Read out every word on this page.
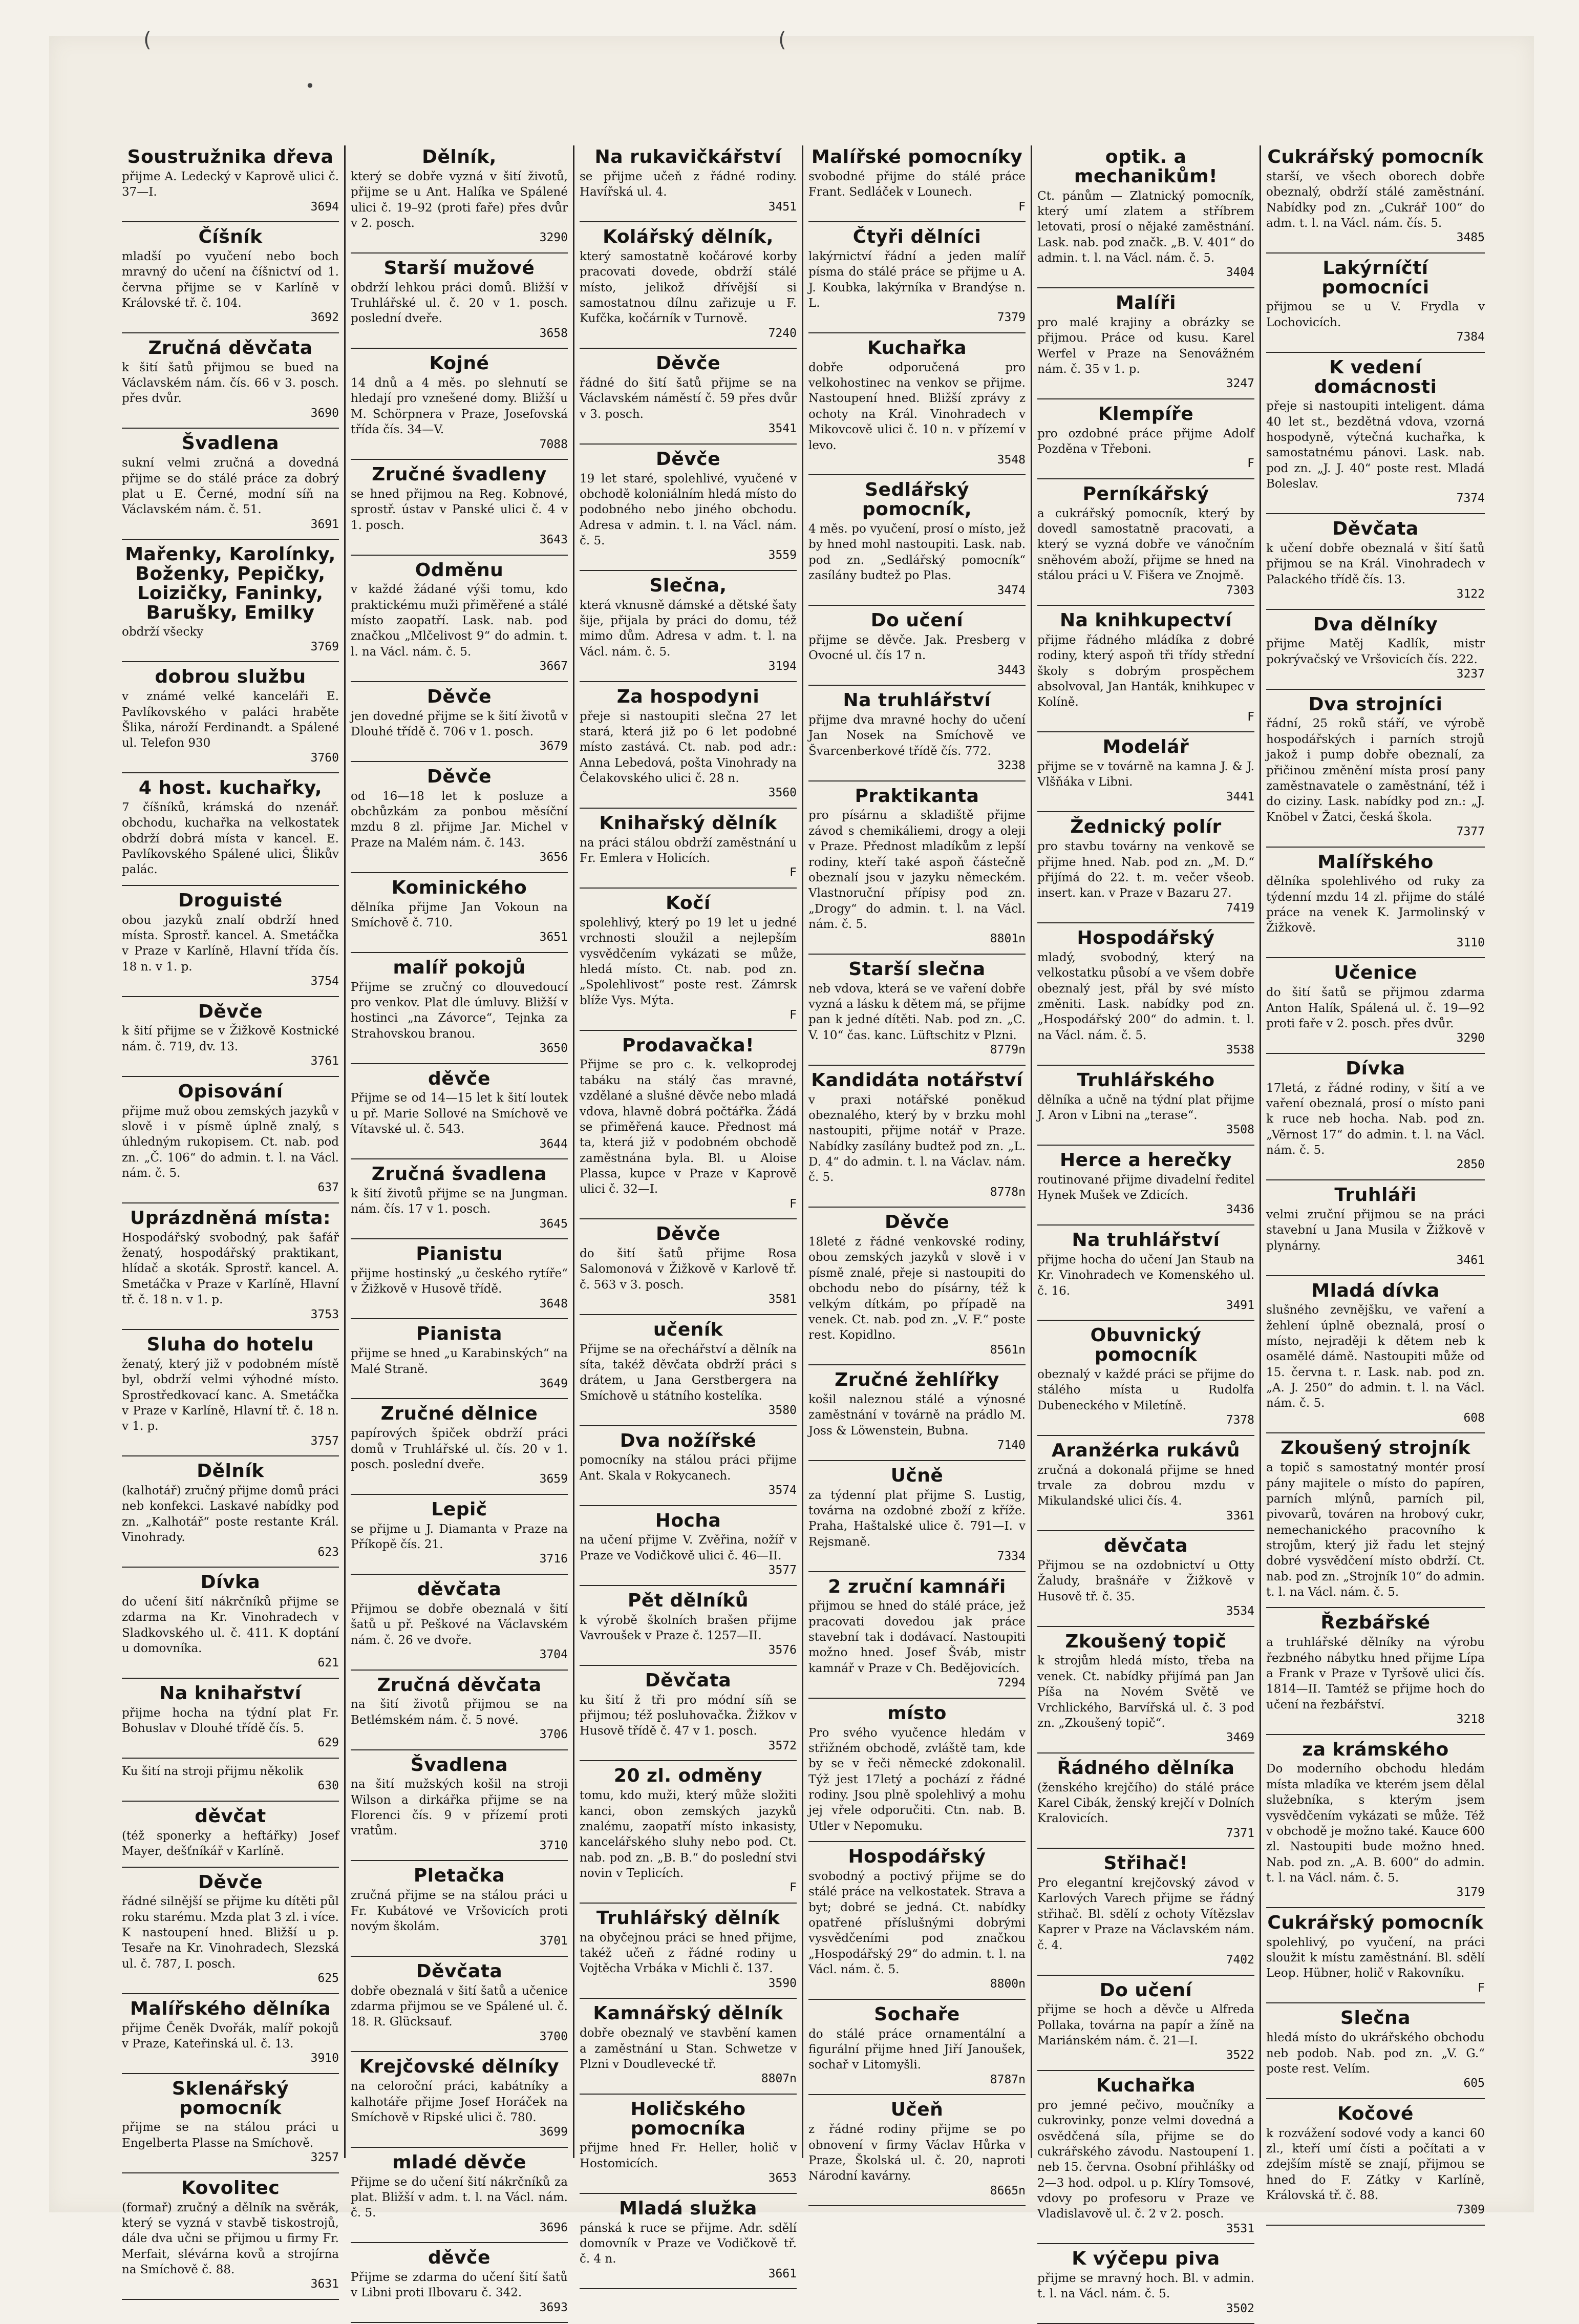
(	(
•
Soustružnika dřeva
přijme A. Ledecký v Kaprově ulici č. 37—I.
3694
Číšník
mladší po vyučení nebo boch mravný do učení na číšnictví od 1. června přijme se v Karlíně v Královské tř. č. 104.
3692
Zručná děvčata
k šití šatů přijmou se bued na Václavském nám. čís. 66 v 3. posch. přes dvůr.
3690
Švadlena
sukní velmi zručná a dovedná přijme se do stálé práce za dobrý plat u E. Černé, modní síň na Václavském nám. č. 51.
3691
Mařenky, Karolínky, Boženky, Pepičky, Loizičky, Faninky, Barušky, Emilky
obdrží všecky
3769
dobrou službu
v známé velké kanceláři E. Pavlíkovského v paláci hraběte Šlika, nároží Ferdinandt. a Spálené ul. Telefon 930
3760
4 host. kuchařky,
7 číšníků, krámská do nzenář. obchodu, kuchařka na velkostatek obdrží dobrá místa v kancel. E. Pavlíkovského Spálené ulici, Šlikův palác.
Droguisté
obou jazyků znalí obdrží hned místa. Sprostř. kancel. A. Smetáčka v Praze v Karlíně, Hlavní třída čís. 18 n. v 1. p.
3754
Děvče
k šití přijme se v Žižkově Kostnické nám. č. 719, dv. 13.
3761
Opisování
přijme muž obou zemských jazyků v slově i v písmě úplně znalý, s úhledným rukopisem. Ct. nab. pod zn. „Č. 106“ do admin. t. l. na Václ. nám. č. 5.
637
Uprázdněná místa:
Hospodářský svobodný, pak šafář ženatý, hospodářský praktikant, hlídač a skoták. Sprostř. kancel. A. Smetáčka v Praze v Karlíně, Hlavní tř. č. 18 n. v 1. p.
3753
Sluha do hotelu
ženatý, který již v podobném místě byl, obdrží velmi výhodné místo. Sprostředkovací kanc. A. Smetáčka v Praze v Karlíně, Hlavní tř. č. 18 n. v 1. p.
3757
Dělník
(kalhotář) zručný přijme domů práci neb konfekci. Laskavé nabídky pod zn. „Kalhotář“ poste restante Král. Vinohrady.
623
Dívka
do učení šití nákrčníků přijme se zdarma na Kr. Vinohradech v Sladkovského ul. č. 411. K doptání u domovníka.
621
Na knihařství
přijme hocha na týdní plat Fr. Bohuslav v Dlouhé třídě čís. 5.
629
Ku šití na stroji přijmu několik
630
děvčat
(též sponerky a heftářky) Josef Mayer, dešťníkář v Karlíně.
Děvče
řádné silnější se přijme ku dítěti půl roku starému. Mzda plat 3 zl. i více. K nastoupení hned. Bližší u p. Tesaře na Kr. Vinohradech, Slezská ul. č. 787, I. posch.
625
Malířského dělníka
přijme Čeněk Dvořák, malíř pokojů v Praze, Kateřinská ul. č. 13.
3910
Sklenářský pomocník
přijme se na stálou práci u Engelberta Plasse na Smíchově.
3257
Kovolitec
(formař) zručný a dělník na svěrák, který se vyzná v stavbě tiskostrojů, dále dva učni se přijmou u firmy Fr. Merfait, slévárna kovů a strojírna na Smíchově č. 88.
3631
Dělník,
který se dobře vyzná v šití životů, přijme se u Ant. Halíka ve Spálené ulici č. 19–92 (proti faře) přes dvůr v 2. posch.
3290
Starší mužové
obdrží lehkou práci domů. Bližší v Truhlářské ul. č. 20 v 1. posch. poslední dveře.
3658
Kojné
14 dnů a 4 měs. po slehnutí se hledají pro vznešené domy. Bližší u M. Schörpnera v Praze, Josefovská třída čís. 34—V.
7088
Zručné švadleny
se hned přijmou na Reg. Kobnové, sprostř. ústav v Panské ulici č. 4 v 1. posch.
3643
Odměnu
v každé žádané výši tomu, kdo praktickému muži přiměřené a stálé místo zaopatří. Lask. nab. pod značkou „Mlčelivost 9“ do admin. t. l. na Václ. nám. č. 5.
3667
Děvče
jen dovedné přijme se k šití životů v Dlouhé třídě č. 706 v 1. posch.
3679
Děvče
od 16—18 let k posluze a obchůzkám za ponbou měsíční mzdu 8 zl. přijme Jar. Michel v Praze na Malém nám. č. 143.
3656
Kominického
dělníka přijme Jan Vokoun na Smíchově č. 710.
3651
malíř pokojů
Přijme se zručný co dlouvedoucí pro venkov. Plat dle úmluvy. Bližší v hostinci „na Závorce“, Tejnka za Strahovskou branou.
3650
děvče
Přijme se od 14—15 let k šití loutek u př. Marie Sollové na Smíchově ve Vítavské ul. č. 543.
3644
Zručná švadlena
k šití životů přijme se na Jungman. nám. čís. 17 v 1. posch.
3645
Pianistu
přijme hostinský „u českého rytíře“ v Žižkově v Husově třídě.
3648
Pianista
přijme se hned „u Karabinských“ na Malé Straně.
3649
Zručné dělnice
papírových špiček obdrží práci domů v Truhlářské ul. čís. 20 v 1. posch. poslední dveře.
3659
Lepič
se přijme u J. Diamanta v Praze na Příkopě čís. 21.
3716
děvčata
Přijmou se dobře obeznalá v šití šatů u př. Peškové na Václavském nám. č. 26 ve dvoře.
3704
Zručná děvčata
na šití životů přijmou se na Betlémském nám. č. 5 nové.
3706
Švadlena
na šití mužských košil na stroji Wilson a dirkářka přijme se na Florenci čís. 9 v přízemí proti vratům.
3710
Pletačka
zručná přijme se na stálou práci u Fr. Kubátové ve Vršovicích proti novým školám.
3701
Děvčata
dobře obeznalá v šití šatů a učenice zdarma přijmou se ve Spálené ul. č. 18. R. Glücksauf.
3700
Krejčovské dělníky
na celoroční práci, kabátníky a kalhotáře přijme Josef Horáček na Smíchově v Ripské ulici č. 780.
3699
mladé děvče
Přijme se do učení šití nákrčníků za plat. Bližší v adm. t. l. na Václ. nám. č. 5.
3696
děvče
Přijme se zdarma do učení šití šatů v Libni proti Ilbovaru č. 342.
3693
Na rukavičkářství
se přijme učeň z řádné rodiny. Havířská ul. 4.
3451
Kolářský dělník,
který samostatně kočárové korby pracovati dovede, obdrží stálé místo, jelikož dřívější si samostatnou dílnu zařizuje u F. Kufčka, kočárník v Turnově.
7240
Děvče
řádné do šití šatů přijme se na Václavském náměstí č. 59 přes dvůr v 3. posch.
3541
Děvče
19 let staré, spolehlivé, vyučené v obchodě koloniálním hledá místo do podobného nebo jiného obchodu. Adresa v admin. t. l. na Václ. nám. č. 5.
3559
Slečna,
která vknusně dámské a dětské šaty šije, přijala by práci do domu, též mimo dům. Adresa v adm. t. l. na Václ. nám. č. 5.
3194
Za hospodyni
přeje si nastoupiti slečna 27 let stará, která již po 6 let podobné místo zastává. Ct. nab. pod adr.: Anna Lebedová, pošta Vinohrady na Čelakovského ulici č. 28 n.
3560
Knihařský dělník
na práci stálou obdrží zaměstnání u Fr. Emlera v Holicích.
F
Kočí
spolehlivý, který po 19 let u jedné vrchnosti sloužil a nejlepším vysvědčením vykázati se může, hledá místo. Ct. nab. pod zn. „Spolehlivost“ poste rest. Zámrsk blíže Vys. Mýta.
F
Prodavačka!
Přijme se pro c. k. velkoprodej tabáku na stálý čas mravné, vzdělané a slušné děvče nebo mladá vdova, hlavně dobrá počtářka. Žádá se přiměřená kauce. Přednost má ta, která již v podobném obchodě zaměstnána byla. Bl. u Aloise Plassa, kupce v Praze v Kaprově ulici č. 32—I.
F
Děvče
do šití šatů přijme Rosa Salomonová v Žižkově v Karlově tř. č. 563 v 3. posch.
3581
učeník
Přijme se na ořechářství a dělník na síta, takéž děvčata obdrží práci s drátem, u Jana Gerstbergera na Smíchově u státního kostelíka.
3580
Dva nožířské
pomocníky na stálou práci přijme Ant. Skala v Rokycanech.
3574
Hocha
na učení přijme V. Zvěřina, nožíř v Praze ve Vodičkově ulici č. 46—II.
3577
Pět dělníků
k výrobě školních brašen přijme Vavroušek v Praze č. 1257—II.
3576
Děvčata
ku šití ž tři pro módní síň se přijmou; též posluhovačka. Žižkov v Husově třídě č. 47 v 1. posch.
3572
20 zl. odměny
tomu, kdo muži, který může složiti kanci, obon zemských jazyků znalému, zaopatří místo inkasisty, kancelářského sluhy nebo pod. Ct. nab. pod zn. „B. B.“ do poslední stvi novin v Teplicích.
F
Truhlářský dělník
na obyčejnou práci se hned přijme, takéž učeň z řádné rodiny u Vojtěcha Vrbáka v Michli č. 137.
3590
Kamnářský dělník
dobře obeznalý ve stavbění kamen a zaměstnání u Stan. Schwetze v Plzni v Doudlevecké tř.
8807n
Holičského pomocníka
přijme hned Fr. Heller, holič v Hostomicích.
3653
Mladá služka
pánská k ruce se přijme. Adr. sdělí domovník v Praze ve Vodičkově tř. č. 4 n.
3661
Malířské pomocníky
svobodné přijme do stálé práce Frant. Sedláček v Lounech.
F
Čtyři dělníci
lakýrnictví řádní a jeden malíř písma do stálé práce se přijme u A. J. Koubka, lakýrníka v Brandýse n. L.
7379
Kuchařka
dobře odporučená pro velkohostinec na venkov se přijme. Nastoupení hned. Bližší zprávy z ochoty na Král. Vinohradech v Mikovcově ulici č. 10 n. v přízemí v levo.
3548
Sedlářský pomocník,
4 měs. po vyučení, prosí o místo, jež by hned mohl nastoupiti. Lask. nab. pod zn. „Sedlářský pomocník“ zasílány budtež po Plas.
3474
Do učení
přijme se děvče. Jak. Presberg v Ovocné ul. čís 17 n.
3443
Na truhlářství
přijme dva mravné hochy do učení Jan Nosek na Smíchově ve Švarcenberkové třídě čís. 772.
3238
Praktikanta
pro písárnu a skladiště přijme závod s chemikáliemi, drogy a oleji v Praze. Přednost mladíkům z lepší rodiny, kteří také aspoň částečně obeznalí jsou v jazyku německém. Vlastnoruční přípisy pod zn. „Drogy“ do admin. t. l. na Václ. nám. č. 5.
8801n
Starší slečna
neb vdova, která se ve vaření dobře vyzná a lásku k dětem má, se přijme pan k jedné dítěti. Nab. pod zn. „C. V. 10“ čas. kanc. Lüftschitz v Plzni.
8779n
Kandidáta notářství
v praxi notářské poněkud obeznalého, který by v brzku mohl nastoupiti, přijme notář v Praze. Nabídky zasílány budtež pod zn. „L. D. 4“ do admin. t. l. na Václav. nám. č. 5.
8778n
Děvče
18leté z řádné venkovské rodiny, obou zemských jazyků v slově i v písmě znalé, přeje si nastoupiti do obchodu nebo do písárny, též k velkým dítkám, po případě na venek. Ct. nab. pod zn. „V. F.“ poste rest. Kopidlno.
8561n
Zručné žehlířky
košil naleznou stálé a výnosné zaměstnání v továrně na prádlo M. Joss & Löwenstein, Bubna.
7140
Učně
za týdenní plat přijme S. Lustig, továrna na ozdobné zboží z kříže. Praha, Haštalské ulice č. 791—I. v Rejsmaně.
7334
2 zruční kamnáři
přijmou se hned do stálé práce, jež pracovati dovedou jak práce stavební tak i dodávací. Nastoupiti možno hned. Josef Šváb, mistr kamnář v Praze v Ch. Bedějovicích.
7294
místo
Pro svého vyučence hledám v střižném obchodě, zvláště tam, kde by se v řeči německé zdokonalil. Týž jest 17letý a pochází z řádné rodiny. Jsou plně spolehlivý a mohu jej vřele odporučiti. Ctn. nab. B. Utler v Nepomuku.
Hospodářský
svobodný a poctivý přijme se do stálé práce na velkostatek. Strava a byt; dobré se jedná. Ct. nabídky opatřené příslušnými dobrými vysvědčeními pod značkou „Hospodářský 29“ do admin. t. l. na Václ. nám. č. 5.
8800n
Sochaře
do stálé práce ornamentální a figurální přijme hned Jiří Janoušek, sochař v Litomyšli.
8787n
Učeň
z řádné rodiny přijme se po obnovení v firmy Václav Hůrka v Praze, Školská ul. č. 20, naproti Národní kavárny.
8665n
optik. a mechanikům!
Ct. pánům — Zlatnický pomocník, který umí zlatem a stříbrem letovati, prosí o nějaké zaměstnání. Lask. nab. pod značk. „B. V. 401“ do admin. t. l. na Václ. nám. č. 5.
3404
Malíři
pro malé krajiny a obrázky se přijmou. Práce od kusu. Karel Werfel v Praze na Senovážném nám. č. 35 v 1. p.
3247
Klempíře
pro ozdobné práce přijme Adolf Pozděna v Třeboni.
F
Perníkářský
a cukrářský pomocník, který by dovedl samostatně pracovati, a který se vyzná dobře ve vánočním sněhovém aboží, přijme se hned na stálou práci u V. Fišera ve Znojmě.
7303
Na knihkupectví
přijme řádného mládíka z dobré rodiny, který aspoň tři třídy střední školy s dobrým prospěchem absolvoval, Jan Hanták, knihkupec v Kolíně.
F
Modelář
přijme se v továrně na kamna J. & J. Vlšňáka v Libni.
3441
Žednický polír
pro stavbu továrny na venkově se přijme hned. Nab. pod zn. „M. D.“ přijímá do 22. t. m. večer všeob. insert. kan. v Praze v Bazaru 27.
7419
Hospodářský
mladý, svobodný, který na velkostatku působí a ve všem dobře obeznalý jest, přál by své místo změniti. Lask. nabídky pod zn. „Hospodářský 200“ do admin. t. l. na Václ. nám. č. 5.
3538
Truhlářského
dělníka a učně na týdní plat přijme J. Aron v Libni na „terase“.
3508
Herce a herečky
routinované přijme divadelní ředitel Hynek Mušek ve Zdicích.
3436
Na truhlářství
přijme hocha do učení Jan Staub na Kr. Vinohradech ve Komenského ul. č. 16.
3491
Obuvnický pomocník
obeznalý v každé práci se přijme do stálého místa u Rudolfa Dubeneckého v Miletíně.
7378
Aranžérka rukávů
zručná a dokonalá přijme se hned trvale za dobrou mzdu v Mikulandské ulici čís. 4.
3361
děvčata
Přijmou se na ozdobnictví u Otty Žaludy, brašnáře v Žižkově v Husově tř. č. 35.
3534
Zkoušený topič
k strojům hledá místo, třeba na venek. Ct. nabídky přijímá pan Jan Píša na Novém Světě ve Vrchlického, Barvířská ul. č. 3 pod zn. „Zkoušený topič“.
3469
Řádného dělníka
(ženského krejčího) do stálé práce Karel Cibák, ženský krejčí v Dolních Kralovicích.
7371
Střihač!
Pro elegantní krejčovský závod v Karlových Varech přijme se řádný střihač. Bl. sdělí z ochoty Vítězslav Kaprer v Praze na Václavském nám. č. 4.
7402
Do učení
přijme se hoch a děvče u Alfreda Pollaka, továrna na papír a žíně na Mariánském nám. č. 21—I.
3522
Kuchařka
pro jemné pečivo, moučníky a cukrovinky, ponze velmi dovedná a osvědčená síla, přijme se do cukrářského závodu. Nastoupení 1. neb 15. června. Osobní přihlášky od 2—3 hod. odpol. u p. Klíry Tomsové, vdovy po profesoru v Praze ve Vladislavově ul. č. 2 v 2. posch.
3531
K výčepu piva
přijme se mravný hoch. Bl. v admin. t. l. na Václ. nám. č. 5.
3502
Cukrářský pomocník
starší, ve všech oborech dobře obeznalý, obdrží stálé zaměstnání. Nabídky pod zn. „Cukrář 100“ do adm. t. l. na Václ. nám. čís. 5.
3485
Lakýrníčtí pomocníci
přijmou se u V. Frydla v Lochovicích.
7384
K vedení domácnosti
přeje si nastoupiti inteligent. dáma 40 let st., bezdětná vdova, vzorná hospodyně, výtečná kuchařka, k samostatnému pánovi. Lask. nab. pod zn. „J. J. 40“ poste rest. Mladá Boleslav.
7374
Děvčata
k učení dobře obeznalá v šití šatů přijmou se na Král. Vinohradech v Palackého třídě čís. 13.
3122
Dva dělníky
přijme Matěj Kadlík, mistr pokrývačský ve Vršovicích čís. 222.
3237
Dva strojníci
řádní, 25 roků stáří, ve výrobě hospodářských i parních strojů jakož i pump dobře obeznalí, za přičinou změnění místa prosí pany zaměstnavatele o zaměstnání, též i do ciziny. Lask. nabídky pod zn.: „J. Knöbel v Žatci, česká škola.
7377
Malířského
dělníka spolehlivého od ruky za týdenní mzdu 14 zl. přijme do stálé práce na venek K. Jarmolinský v Žižkově.
3110
Učenice
do šití šatů se přijmou zdarma Anton Halík, Spálená ul. č. 19—92 proti faře v 2. posch. přes dvůr.
3290
Dívka
17letá, z řádné rodiny, v šití a ve vaření obeznalá, prosí o místo pani k ruce neb hocha. Nab. pod zn. „Věrnost 17“ do admin. t. l. na Václ. nám. č. 5.
2850
Truhláři
velmi zruční přijmou se na práci stavební u Jana Musila v Žižkově v plynárny.
3461
Mladá dívka
slušného zevnějšku, ve vaření a žehlení úplně obeznalá, prosí o místo, nejraději k dětem neb k osamělé dámě. Nastoupiti může od 15. června t. r. Lask. nab. pod zn. „A. J. 250“ do admin. t. l. na Václ. nám. č. 5.
608
Zkoušený strojník
a topič s samostatný montér prosí pány majitele o místo do papíren, parních mlýnů, parních pil, pivovarů, továren na hrobový cukr, nemechanického pracovního k strojům, který již řadu let stejný dobré vysvědčení místo obdrží. Ct. nab. pod zn. „Strojník 10“ do admin. t. l. na Václ. nám. č. 5.
Řezbářské
a truhlářské dělníky na výrobu řezbného nábytku hned přijme Lípa a Frank v Praze v Tyršově ulici čís. 1814—II. Tamtéž se přijme hoch do učení na řezbářství.
3218
za krámského
Do moderního obchodu hledám místa mladíka ve kterém jsem dělal služebníka, s kterým jsem vysvědčením vykázati se může. Též v obchodě je možno také. Kauce 600 zl. Nastoupiti bude možno hned. Nab. pod zn. „A. B. 600“ do admin. t. l. na Václ. nám. č. 5.
3179
Cukrářský pomocník
spolehlivý, po vyučení, na práci sloužit k místu zaměstnání. Bl. sdělí Leop. Hübner, holič v Rakovníku.
F
Slečna
hledá místo do ukrářského obchodu neb podob. Nab. pod zn. „V. G.“ poste rest. Velím.
605
Kočové
k rozvážení sodové vody a kanci 60 zl., kteří umí čísti a počítati a v zdejším místě se znají, přijmou se hned do F. Zátky v Karlíně, Královská tř. č. 88.
7309
